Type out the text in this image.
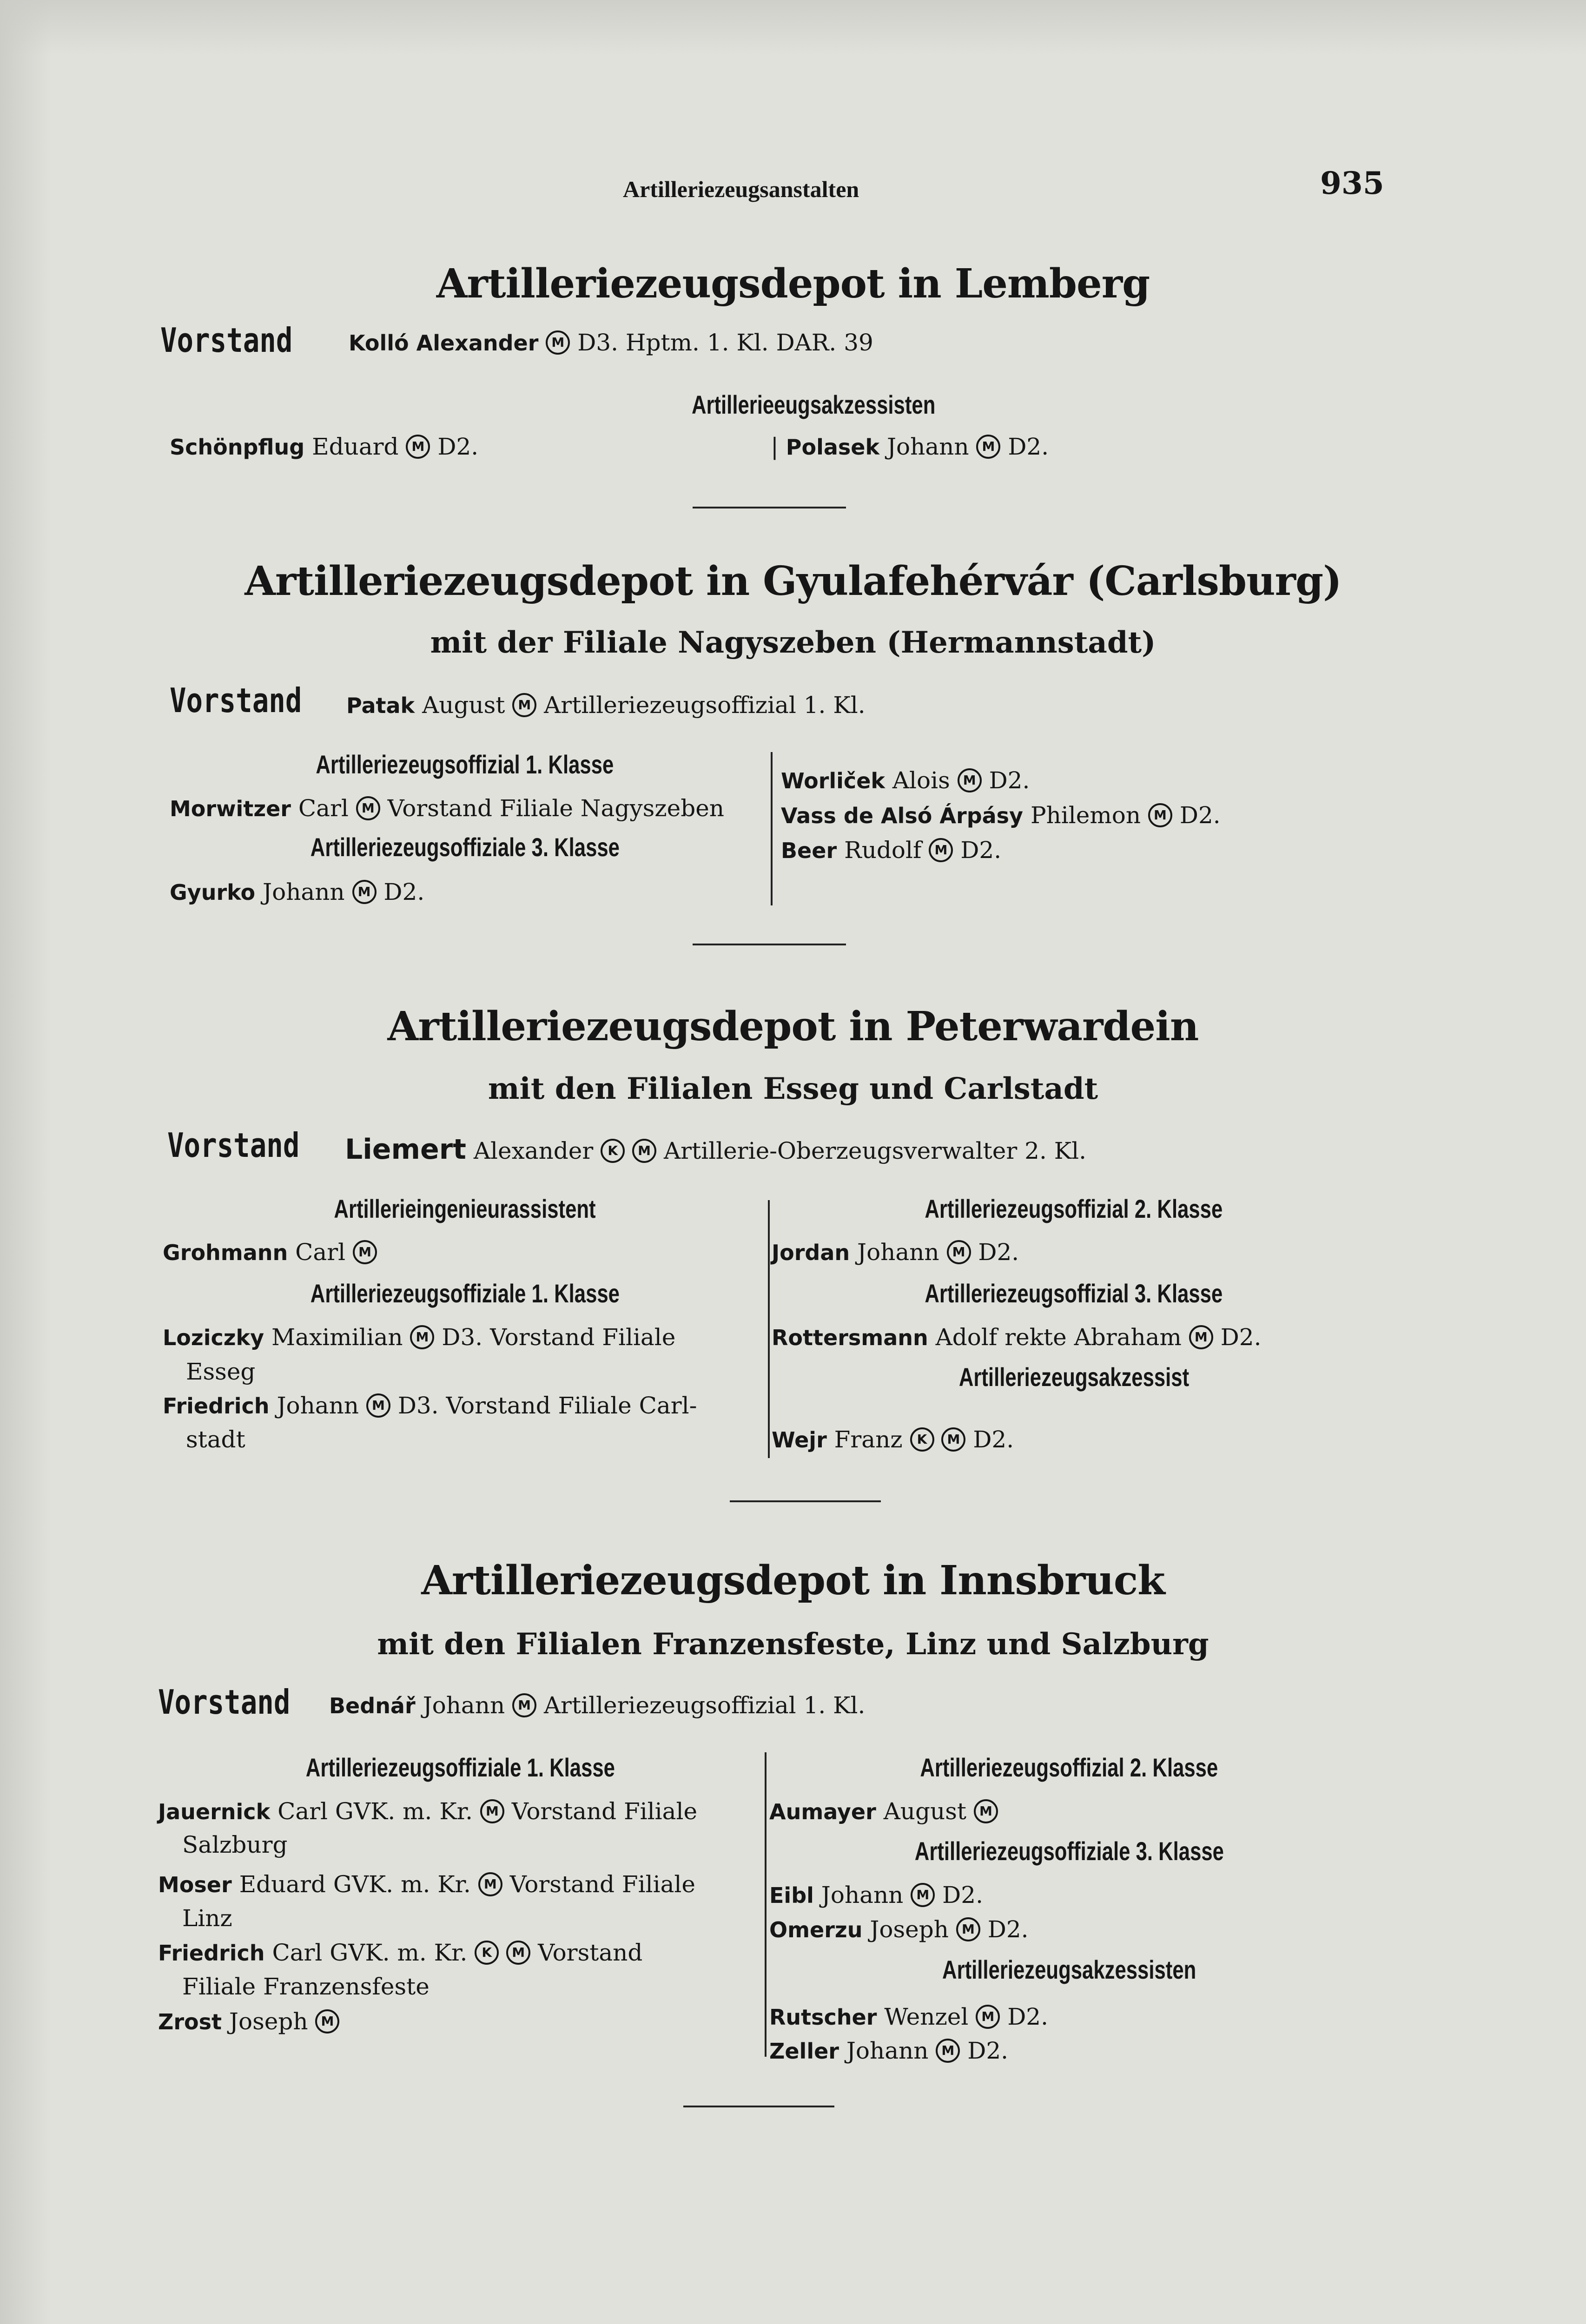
Artilleriezeugsanstalten	935
Artilleriezeugsdepot in Lemberg
Vorstand	Kolló Alexander M D3. Hptm. 1. Kl. DAR. 39
Artillerieeugsakzessisten
Schönpflug Eduard M D2.	| Polasek Johann M D2.
Artilleriezeugsdepot in Gyulafehérvár (Carlsburg)
mit der Filiale Nagyszeben (Hermannstadt)
Vorstand Patak August M Artilleriezeugsoffizial 1. Kl.
Artilleriezeugsoffizial 1. Klasse
Morwitzer Carl M Vorstand Filiale Nagyszeben
Artilleriezeugsoffiziale 3. Klasse
Gyurko Johann M D2.
Worliček Alois M D2.
Vass de Alsó Árpásy Philemon M D2.
Beer Rudolf M D2.
Artilleriezeugsdepot in Peterwardein
mit den Filialen Esseg und Carlstadt
Vorstand Liemert Alexander K M Artillerie-Oberzeugsverwalter 2. Kl.
Artillerieingenieurassistent
Grohmann Carl M
Artilleriezeugsoffiziale 1. Klasse
Loziczky Maximilian M D3. Vorstand Filiale
Esseg
Friedrich Johann M D3. Vorstand Filiale Carl-
stadt
Artilleriezeugsoffizial 2. Klasse
Jordan Johann M D2.
Artilleriezeugsoffizial 3. Klasse
Rottersmann Adolf rekte Abraham M D2.
Artilleriezeugsakzessist
Wejr Franz K M D2.
Artilleriezeugsdepot in Innsbruck
mit den Filialen Franzensfeste, Linz und Salzburg
Vorstand Bednář Johann M Artilleriezeugsoffizial 1. Kl.
Artilleriezeugsoffiziale 1. Klasse
Jauernick Carl GVK. m. Kr. M Vorstand Filiale
Salzburg
Moser Eduard GVK. m. Kr. M Vorstand Filiale
Linz
Friedrich Carl GVK. m. Kr. K M Vorstand
Filiale Franzensfeste
Zrost Joseph M
Artilleriezeugsoffizial 2. Klasse
Aumayer August M
Artilleriezeugsoffiziale 3. Klasse
Eibl Johann M D2.
Omerzu Joseph M D2.
Artilleriezeugsakzessisten
Rutscher Wenzel M D2.
Zeller Johann M D2.
